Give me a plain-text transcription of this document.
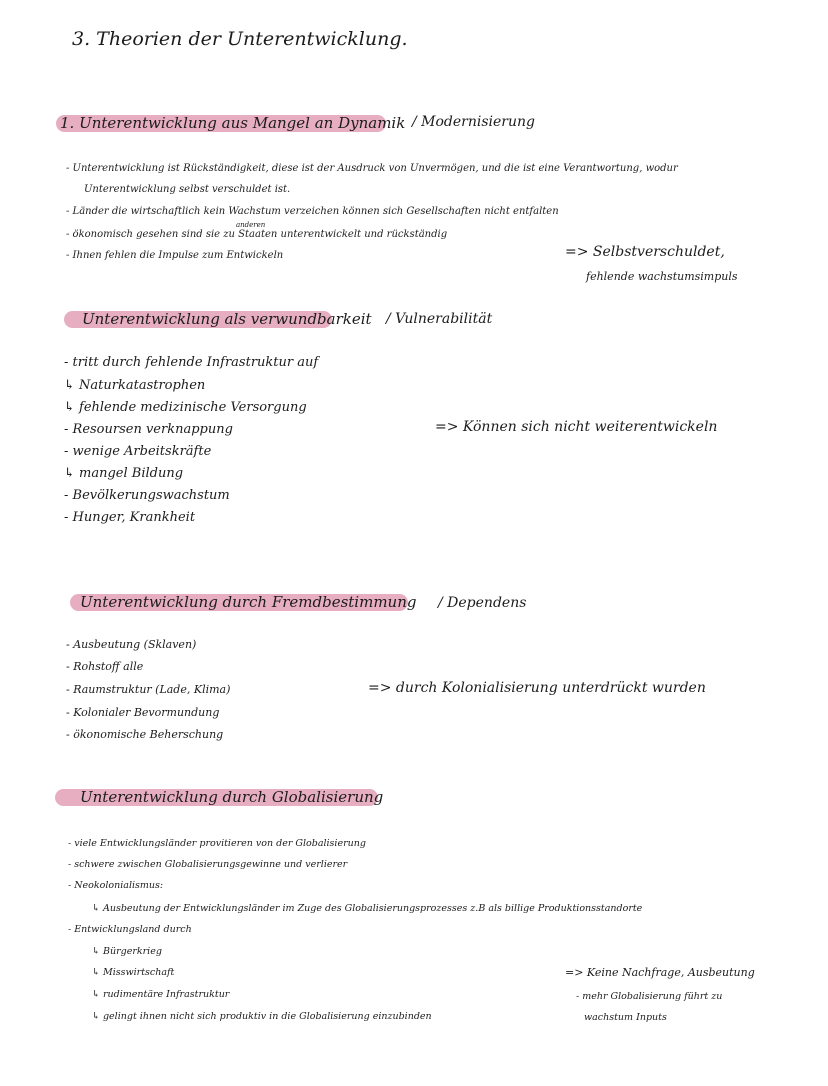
3. Theorien der Unterentwicklung.
1. Unterentwicklung aus Mangel an Dynamik / Modernisierung
- Unterentwicklung ist Rückständigkeit, diese ist der Ausdruck von Unvermögen, und die ist eine Verantwortung, wodur
Unterentwicklung selbst verschuldet ist.
- Länder die wirtschaftlich kein Wachstum verzeichen können sich Gesellschaften nicht entfalten
anderen
- ökonomisch gesehen sind sie zu Staaten unterentwickelt und rückständig
- Ihnen fehlen die Impulse zum Entwickeln	=> Selbstverschuldet,
fehlende wachstumsimpuls
Unterentwicklung als verwundbarkeit / Vulnerabilität
- tritt durch fehlende Infrastruktur auf
↳ Naturkatastrophen
↳ fehlende medizinische Versorgung
- Resoursen verknappung
- wenige Arbeitskräfte
↳ mangel Bildung
- Bevölkerungswachstum
- Hunger, Krankheit
=> Können sich nicht weiterentwickeln
Unterentwicklung durch Fremdbestimmung / Dependens
- Ausbeutung (Sklaven)
- Rohstoff alle
- Raumstruktur (Lade, Klima)
- Kolonialer Bevormundung
- ökonomische Beherschung
=> durch Kolonialisierung unterdrückt wurden
Unterentwicklung durch Globalisierung
- viele Entwicklungsländer provitieren von der Globalisierung
- schwere zwischen Globalisierungsgewinne und verlierer
- Neokolonialismus:
↳ Ausbeutung der Entwicklungsländer im Zuge des Globalisierungsprozesses z.B als billige Produktionsstandorte
- Entwicklungsland durch
↳ Bürgerkrieg
↳ Misswirtschaft
↳ rudimentäre Infrastruktur
↳ gelingt ihnen nicht sich produktiv in die Globalisierung einzubinden
=> Keine Nachfrage, Ausbeutung
- mehr Globalisierung führt zu
wachstum Inputs
